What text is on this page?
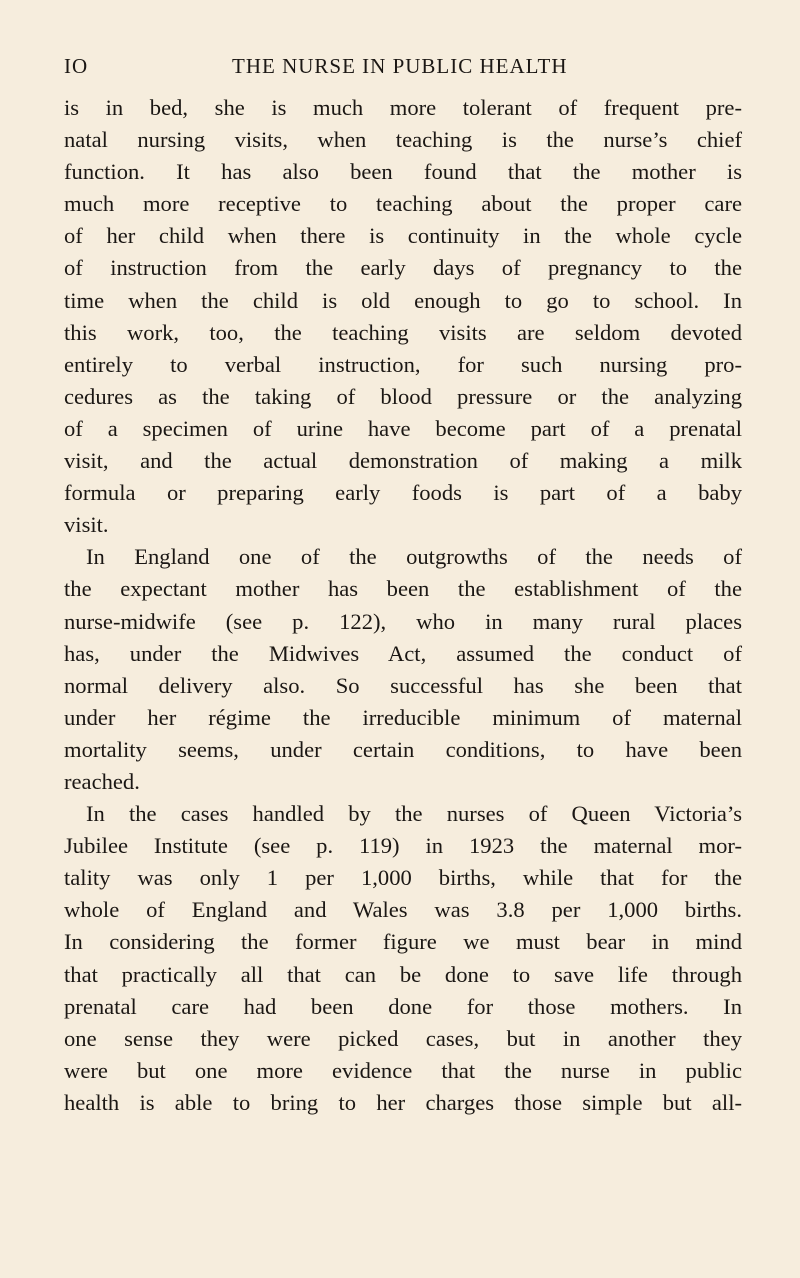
IO	THE NURSE IN PUBLIC HEALTH
is in bed, she is much more tolerant of frequent pre-
natal nursing visits, when teaching is the nurse’s chief
function. It has also been found that the mother is
much more receptive to teaching about the proper care
of her child when there is continuity in the whole cycle
of instruction from the early days of pregnancy to the
time when the child is old enough to go to school. In
this work, too, the teaching visits are seldom devoted
entirely to verbal instruction, for such nursing pro-
cedures as the taking of blood pressure or the analyzing
of a specimen of urine have become part of a prenatal
visit, and the actual demonstration of making a milk
formula or preparing early foods is part of a baby
visit.
In England one of the outgrowths of the needs of
the expectant mother has been the establishment of the
nurse-midwife (see p. 122), who in many rural places
has, under the Midwives Act, assumed the conduct of
normal delivery also. So successful has she been that
under her régime the irreducible minimum of maternal
mortality seems, under certain conditions, to have been
reached.
In the cases handled by the nurses of Queen Victoria’s
Jubilee Institute (see p. 119) in 1923 the maternal mor-
tality was only 1 per 1,000 births, while that for the
whole of England and Wales was 3.8 per 1,000 births.
In considering the former figure we must bear in mind
that practically all that can be done to save life through
prenatal care had been done for those mothers. In
one sense they were picked cases, but in another they
were but one more evidence that the nurse in public
health is able to bring to her charges those simple but all-
